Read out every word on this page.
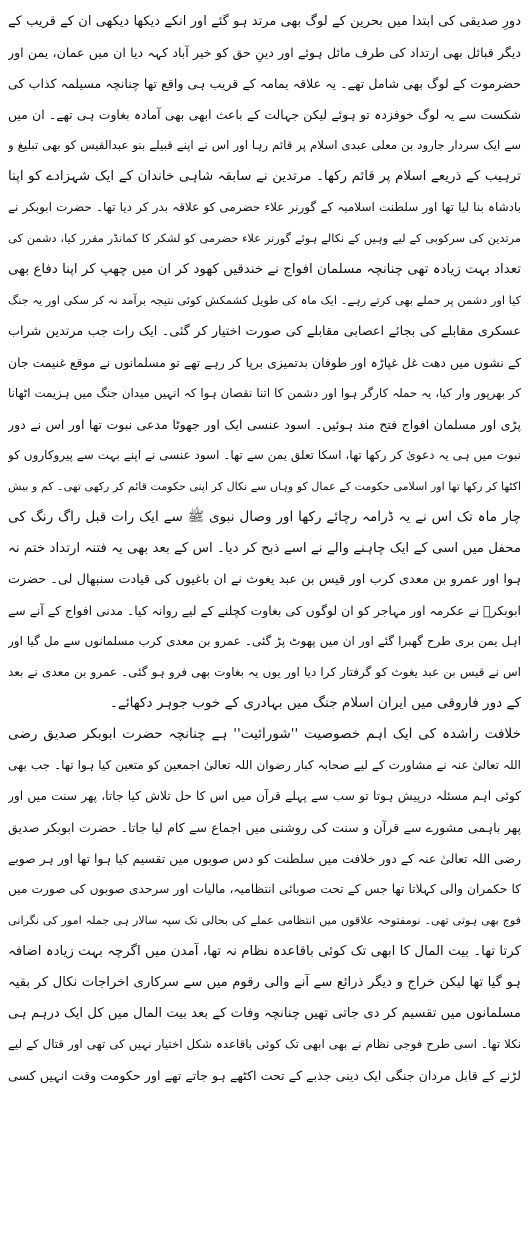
دورِ صدیقی کی ابتدا میں بحرین کے لوگ بھی مرتد ہو گئے اور انکے دیکھا دیکھی ان کے قریب کے
دیگر قبائل بھی ارتداد کی طرف مائل ہوئے اور دینِ حق کو خیر آباد کہہ دیا ان میں عمان، یمن اور
حضرموت کے لوگ بھی شامل تھے۔ یہ علاقہ یمامہ کے قریب ہی واقع تھا چنانچہ مسیلمہ کذاب کی
شکست سے یہ لوگ خوفزدہ تو ہوئے لیکن جہالت کے باعث ابھی بھی آمادہ بغاوت ہی تھے۔ ان میں
سے ایک سردار جارود بن معلی عبدی اسلام پر قائم رہا اور اس نے اپنے قبیلے بنو عبدالقیس کو بھی تبلیغ و
ترہیب کے ذریعے اسلام پر قائم رکھا۔ مرتدین نے سابقہ شاہی خاندان کے ایک شہزادے کو اپنا
بادشاہ بنا لیا تھا اور سلطنت اسلامیہ کے گورنر علاء حضرمی کو علاقہ بدر کر دیا تھا۔ حضرت ابوبکر نے
مرتدین کی سرکوبی کے لیے وہیں کے نکالے ہوئے گورنر علاء حضرمی کو لشکر کا کمانڈر مقرر کیا، دشمن کی
تعداد بہت زیادہ تھی چنانچہ مسلمان افواج نے خندقیں کھود کر ان میں چھپ کر اپنا دفاع بھی
کیا اور دشمن پر حملے بھی کرتے رہے۔ ایک ماہ کی طویل کشمکش کوئی نتیجہ برآمد نہ کر سکی اور یہ جنگ
عسکری مقابلے کی بجائے اعصابی مقابلے کی صورت اختیار کر گئی۔ ایک رات جب مرتدین شراب
کے نشوں میں دھت غل غپاڑہ اور طوفان بدتمیزی برپا کر رہے تھے تو مسلمانوں نے موقع غنیمت جان
کر بھرپور وار کیا، یہ حملہ کارگر ہوا اور دشمن کا اتنا نقصان ہوا کہ انہیں میدان جنگ میں ہزیمت اٹھانا
پڑی اور مسلمان افواج فتح مند ہوئیں۔ اسود عنسی ایک اور جھوٹا مدعی نبوت تھا اور اس نے دور
نبوت میں ہی یہ دعویٰ کر رکھا تھا، اسکا تعلق یمن سے تھا۔ اسود عنسی نے اپنے بہت سے پیروکاروں کو
اکٹھا کر رکھا تھا اور اسلامی حکومت کے عمال کو وہاں سے نکال کر اپنی حکومت قائم کر رکھی تھی۔ کم و بیش
چار ماہ تک اس نے یہ ڈرامہ رچائے رکھا اور وصال نبوی ﷺ سے ایک رات قبل راگ رنگ کی
محفل میں اسی کے ایک چاہنے والے نے اسے ذبح کر دیا۔ اس کے بعد بھی یہ فتنہ ارتداد ختم نہ
ہوا اور عمرو بن معدی کرب اور قیس بن عبد یغوث نے ان باغیوں کی قیادت سنبھال لی۔ حضرت
ابوبکرؓ نے عکرمہ اور مہاجر کو ان لوگوں کی بغاوت کچلنے کے لیے روانہ کیا۔ مدنی افواج کے آنے سے
اہل یمن بری طرح گھبرا گئے اور ان میں پھوٹ پڑ گئی۔ عمرو بن معدی کرب مسلمانوں سے مل گیا اور
اس نے قیس بن عبد یغوث کو گرفتار کرا دیا اور یوں یہ بغاوت بھی فرو ہو گئی۔ عمرو بن معدی نے بعد
کے دور فاروقی میں ایران اسلام جنگ میں بہادری کے خوب جوہر دکھائے۔
خلافت راشدہ کی ایک اہم خصوصیت ''شورائیت'' ہے چنانچہ حضرت ابوبکر صدیق رضی
اللہ تعالیٰ عنہ نے مشاورت کے لیے صحابہ کبار رضوان اللہ تعالیٰ اجمعین کو متعین کیا ہوا تھا۔ جب بھی
کوئی اہم مسئلہ درپیش ہوتا تو سب سے پہلے قرآن میں اس کا حل تلاش کیا جاتا، پھر سنت میں اور
پھر باہمی مشورے سے قرآن و سنت کی روشنی میں اجماع سے کام لیا جاتا۔ حضرت ابوبکر صدیق
رضی اللہ تعالیٰ عنہ کے دور خلافت میں سلطنت کو دس صوبوں میں تقسیم کیا ہوا تھا اور ہر صوبے
کا حکمران والی کہلاتا تھا جس کے تحت صوبائی انتظامیہ، مالیات اور سرحدی صوبوں کی صورت میں
فوج بھی ہوتی تھی۔ نومفتوحہ علاقوں میں انتظامی عملے کی بحالی تک سپہ سالار ہی جملہ امور کی نگرانی
کرتا تھا۔ بیت المال کا ابھی تک کوئی باقاعدہ نظام نہ تھا، آمدن میں اگرچہ بہت زیادہ اضافہ
ہو گیا تھا لیکن خراج و دیگر ذرائع سے آنے والی رقوم میں سے سرکاری اخراجات نکال کر بقیہ
مسلمانوں میں تقسیم کر دی جاتی تھیں چنانچہ وفات کے بعد بیت المال میں کل ایک درہم ہی
نکلا تھا۔ اسی طرح فوجی نظام نے بھی ابھی تک کوئی باقاعدہ شکل اختیار نہیں کی تھی اور قتال کے لیے
لڑنے کے قابل مردان جنگی ایک دینی جذبے کے تحت اکٹھے ہو جاتے تھے اور حکومت وقت انہیں کسی
